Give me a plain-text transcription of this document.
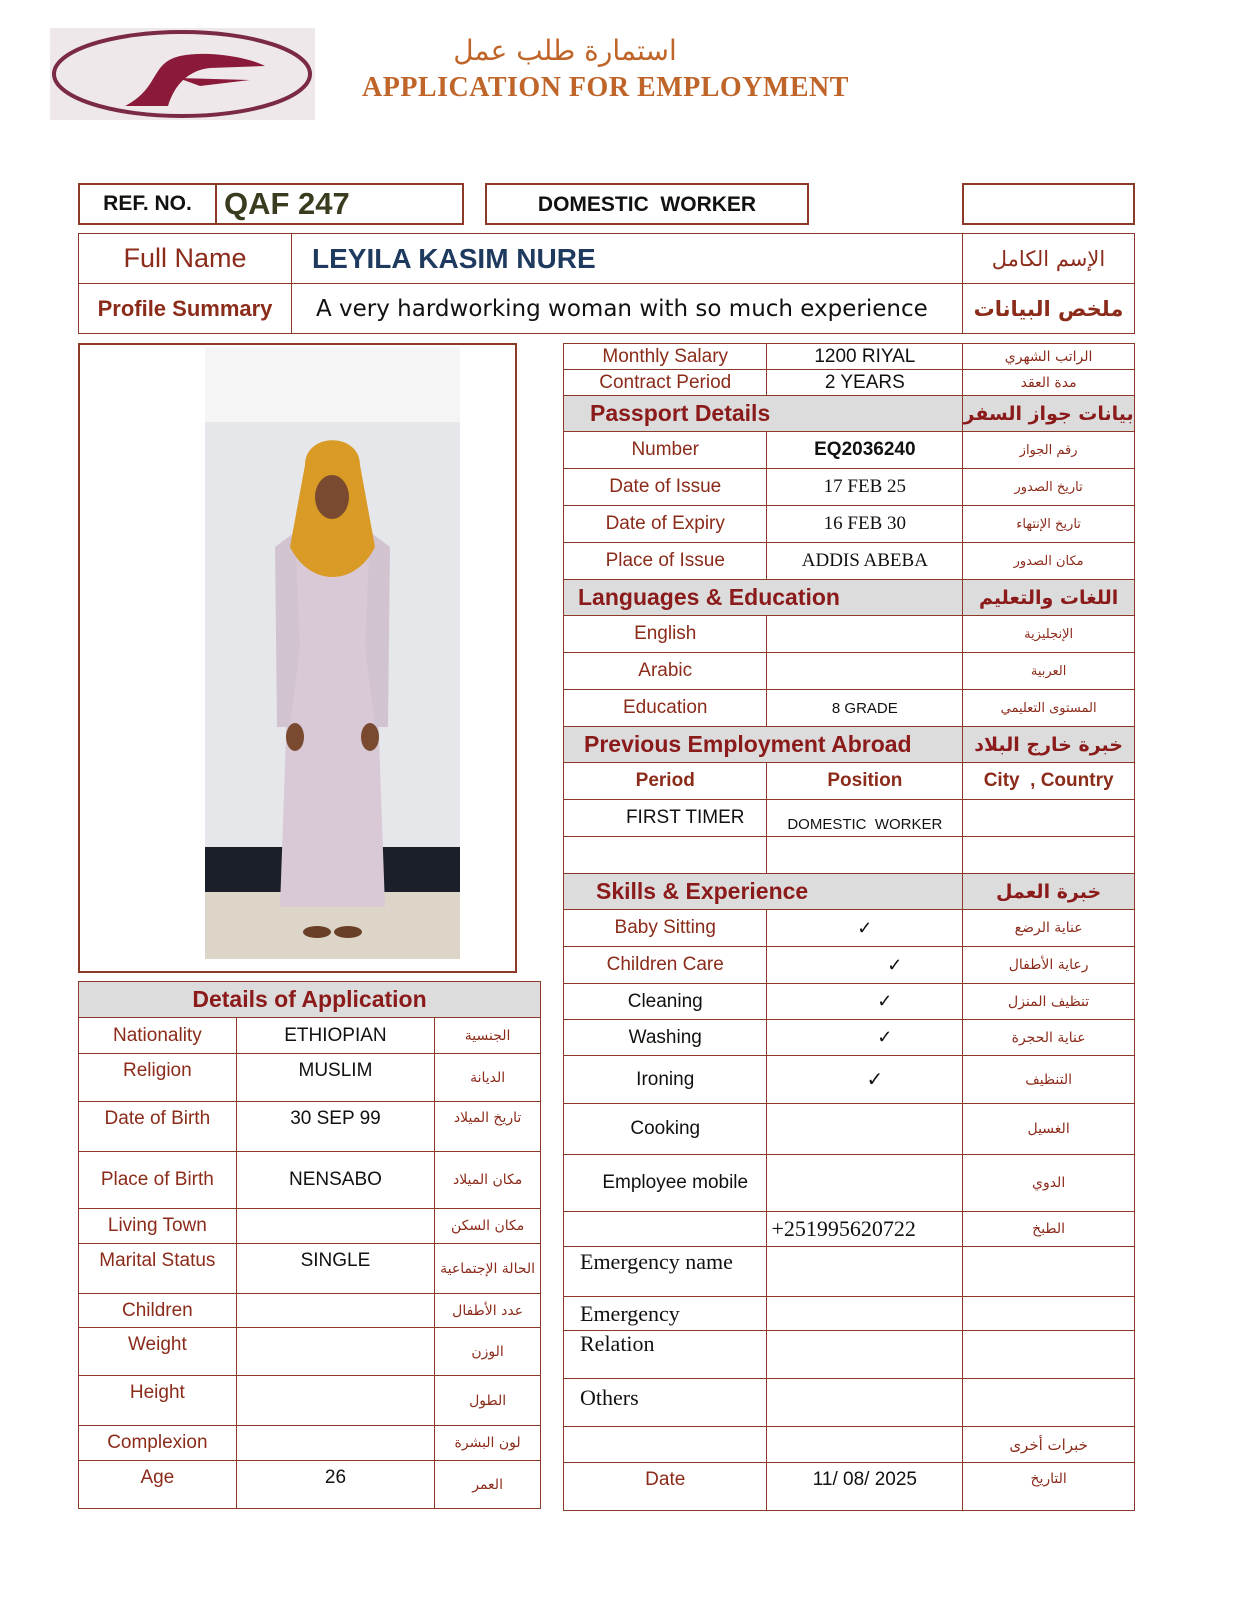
استمارة طلب عمل
APPLICATION FOR EMPLOYMENT
REF. NO.	QAF 247	DOMESTIC  WORKER
Full Name	LEYILA KASIM NURE	الإسم الكامل
Profile Summary	A very hardworking woman with so much experience	ملخص البيانات
Monthly Salary	1200 RIYAL	الراتب الشهري
Contract Period	2 YEARS	مدة العقد
Passport Details		بيانات جواز السفر
Number	EQ2036240	رقم الجواز
Date of Issue	17 FEB 25	تاريخ الصدور
Date of Expiry	16 FEB 30	تاريخ الإنتهاء
Place of Issue	ADDIS ABEBA	مكان الصدور
Languages & Education		اللغات والتعليم
English		الإنجليزية
Arabic		العربية
Education	8 GRADE	المستوى التعليمي
Previous Employment Abroad		خبرة خارج البلاد
Period	Position	City  , Country
FIRST TIMER	DOMESTIC  WORKER	

Skills & Experience		خبرة العمل
Baby Sitting	✓	عناية الرضع
Children Care	✓	رعاية الأطفال
Cleaning	✓	تنظيف المنزل
Washing	✓	عناية الحجرة
Ironing	✓	التنظيف
Cooking		الغسيل
Employee mobile		الدوي
	+251995620722	الطبخ
Emergency name		
Emergency		
Relation		
Others		
		خبرات أخرى
Date	11/ 08/ 2025	التاريخ
Details of Application		
Nationality	ETHIOPIAN	الجنسية
Religion	MUSLIM	الديانة
Date of Birth	30 SEP 99	تاريخ الميلاد
Place of Birth	NENSABO	مكان الميلاد
Living Town		مكان السكن
Marital Status	SINGLE	الحالة الإجتماعية
Children		عدد الأطفال
Weight		الوزن
Height		الطول
Complexion		لون البشرة
Age	26	العمر
